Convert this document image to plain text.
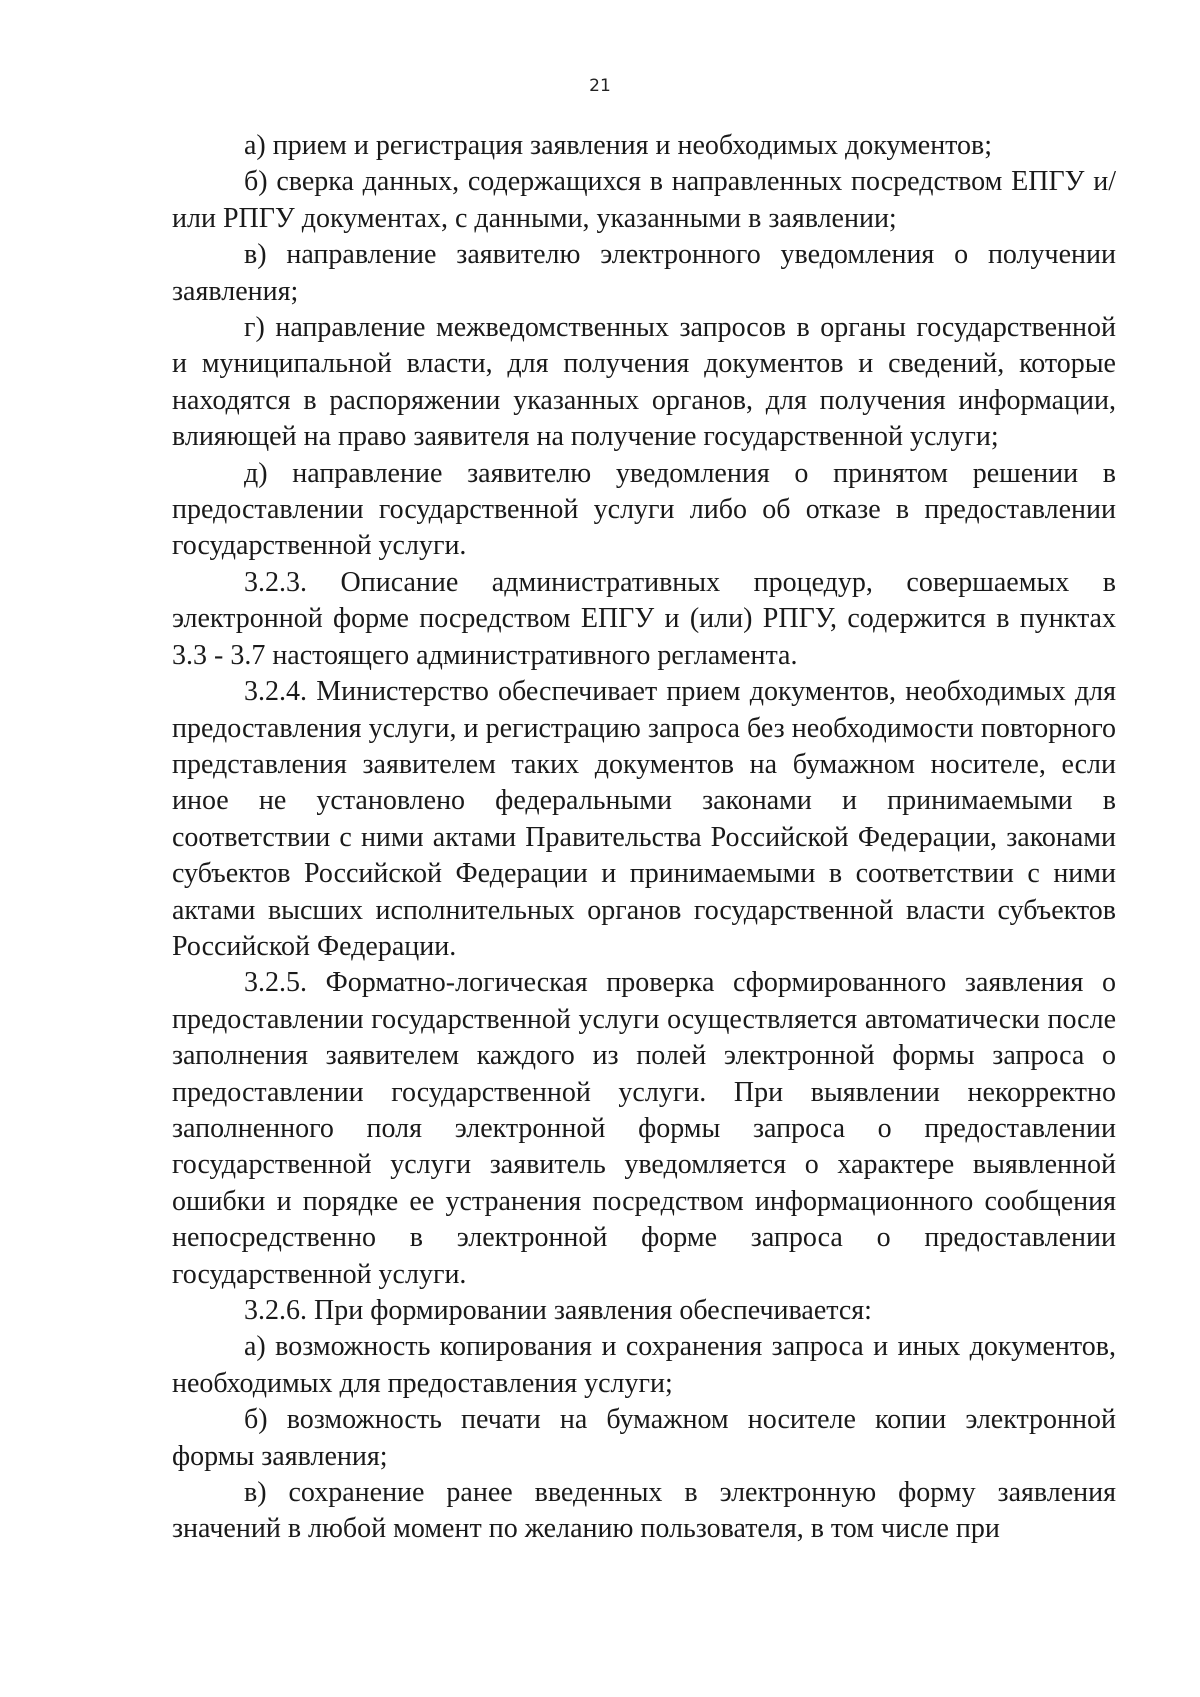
21

а) прием и регистрация заявления и необходимых документов;

б) сверка данных, содержащихся в направленных посредством ЕПГУ и/или РПГУ документах, с данными, указанными в заявлении;

в) направление заявителю электронного уведомления о получении заявления;

г) направление межведомственных запросов в органы государственной и муниципальной власти, для получения документов и сведений, которые находятся в распоряжении указанных органов, для получения информации, влияющей на право заявителя на получение государственной услуги;

д) направление заявителю уведомления о принятом решении в предоставлении государственной услуги либо об отказе в предоставлении государственной услуги.

3.2.3. Описание административных процедур, совершаемых в электронной форме посредством ЕПГУ и (или) РПГУ, содержится в пунктах 3.3 - 3.7 настоящего административного регламента.

3.2.4. Министерство обеспечивает прием документов, необходимых для предоставления услуги, и регистрацию запроса без необходимости повторного представления заявителем таких документов на бумажном носителе, если иное не установлено федеральными законами и принимаемыми в соответствии с ними актами Правительства Российской Федерации, законами субъектов Российской Федерации и принимаемыми в соответствии с ними актами высших исполнительных органов государственной власти субъектов Российской Федерации.

3.2.5. Форматно-логическая проверка сформированного заявления о предоставлении государственной услуги осуществляется автоматически после заполнения заявителем каждого из полей электронной формы запроса о предоставлении государственной услуги. При выявлении некорректно заполненного поля электронной формы запроса о предоставлении государственной услуги заявитель уведомляется о характере выявленной ошибки и порядке ее устранения посредством информационного сообщения непосредственно в электронной форме запроса о предоставлении государственной услуги.

3.2.6. При формировании заявления обеспечивается:

а) возможность копирования и сохранения запроса и иных документов, необходимых для предоставления услуги;

б) возможность печати на бумажном носителе копии электронной формы заявления;

в) сохранение ранее введенных в электронную форму заявления значений в любой момент по желанию пользователя, в том числе при
